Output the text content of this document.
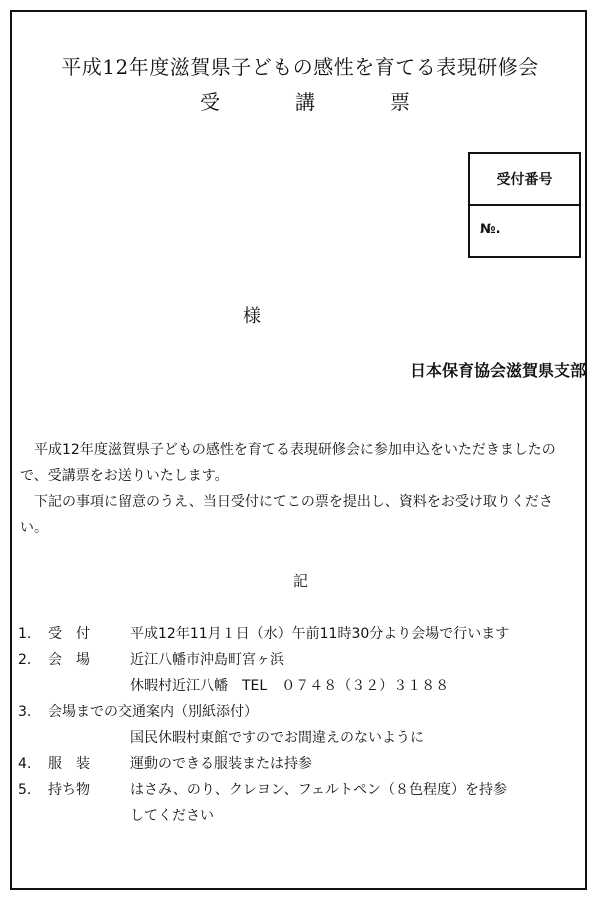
平成12年度滋賀県子どもの感性を育てる表現研修会
受	講	票
受付番号
№.
様
日本保育協会滋賀県支部

平成12年度滋賀県子どもの感性を育てる表現研修会に参加申込をいただきましたので、受講票をお送りいたします。

下記の事項に留意のうえ、当日受付にてこの票を提出し、資料をお受け取りください。

記
1.	受　付	平成12年11月１日（水）午前11時30分より会場で行います
2.	会　場	近江八幡市沖島町宮ヶ浜
休暇村近江八幡　TEL　０７４８（３２）３１８８
3.	会場までの交通案内（別紙添付）
国民休暇村東館ですのでお間違えのないように
4.	服　装	運動のできる服装または持参
5.	持ち物	はさみ、のり、クレヨン、フェルトペン（８色程度）を持参
してください
